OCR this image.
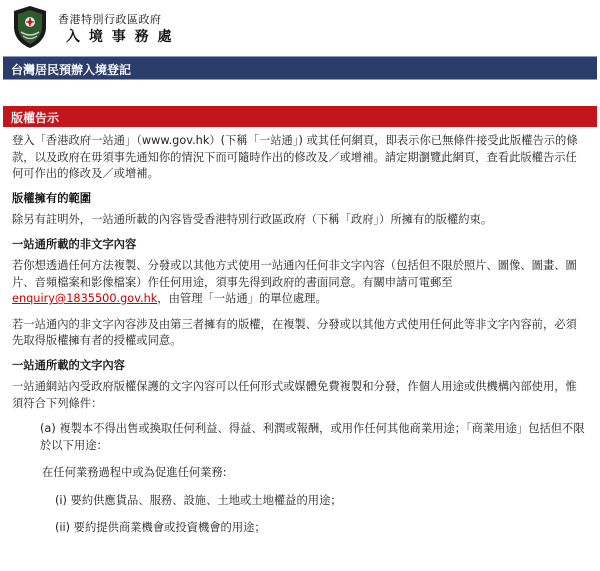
香港特別行政區政府
入 境 事 務 處
台灣居民預辦入境登記
版權告示

登入「香港政府一站通」（www.gov.hk）(下稱「一站通」) 或其任何網頁，即表示你已無條件接受此版權告示的條款，以及政府在毋須事先通知你的情況下而可隨時作出的修改及／或增補。請定期瀏覽此網頁，查看此版權告示任何可作出的修改及／或增補。

版權擁有的範圍

除另有註明外，一站通所載的內容皆受香港特別行政區政府（下稱「政府」）所擁有的版權約束。

一站通所載的非文字內容

若你想透過任何方法複製、分發或以其他方式使用一站通內任何非文字內容（包括但不限於照片、圖像、圖畫、圖片、音頻檔案和影像檔案）作任何用途，須事先得到政府的書面同意。有關申請可電郵至enquiry@1835500.gov.hk，由管理「一站通」的單位處理。

若一站通內的非文字內容涉及由第三者擁有的版權，在複製、分發或以其他方式使用任何此等非文字內容前，必須先取得版權擁有者的授權或同意。

一站通所載的文字內容

一站通網站內受政府版權保護的文字內容可以任何形式或媒體免費複製和分發，作個人用途或供機構內部使用，惟須符合下列條件：

(a) 複製本不得出售或換取任何利益、得益、利潤或報酬，或用作任何其他商業用途；「商業用途」包括但不限於以下用途：

在任何業務過程中或為促進任何業務:

(i) 要約供應貨品、服務、設施、土地或土地權益的用途；

(ii) 要約提供商業機會或投資機會的用途；
